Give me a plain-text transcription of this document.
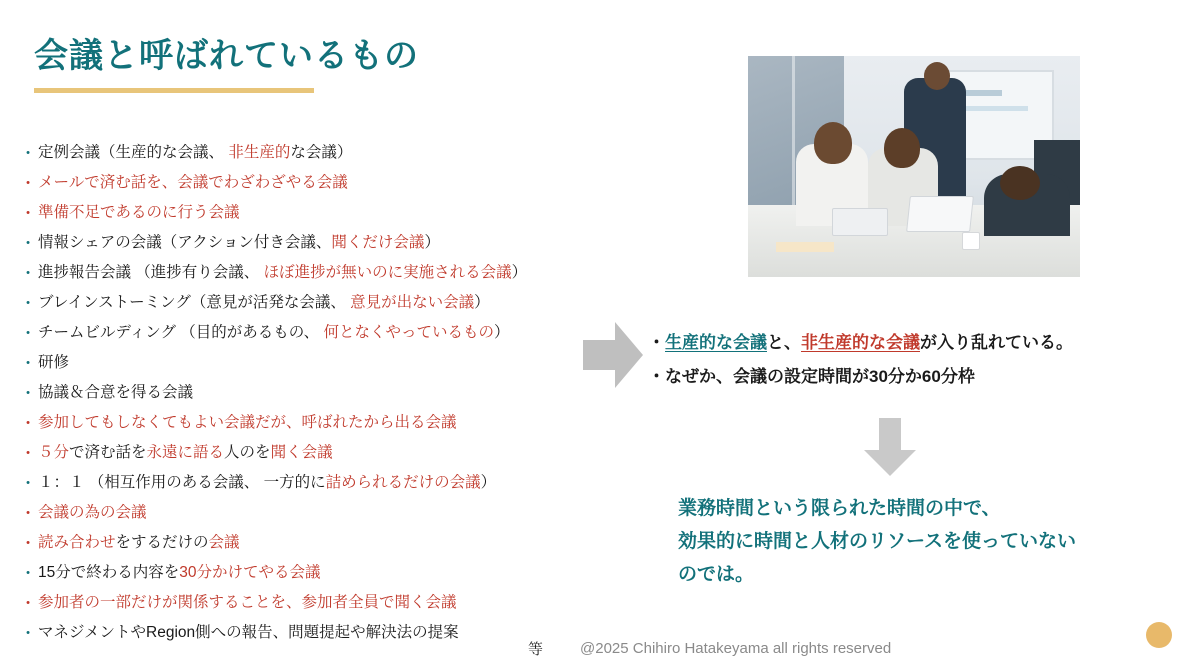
会議と呼ばれているもの
• 定例会議（生産的な会議、 非生産的な会議）
• メールで済む話を、会議でわざわざやる会議
• 準備不足であるのに行う会議
• 情報シェアの会議（アクション付き会議、聞くだけ会議）
• 進捗報告会議 （進捗有り会議、 ほぼ進捗が無いのに実施される会議）
• ブレインストーミング（意見が活発な会議、 意見が出ない会議）
• チームビルディング （目的があるもの、 何となくやっているもの）
• 研修
• 協議＆合意を得る会議
• 参加してもしなくてもよい会議だが、呼ばれたから出る会議
• ５分で済む話を永遠に語る人のを聞く会議
• １：１ （相互作用のある会議、 一方的に詰められるだけの会議）
• 会議の為の会議
• 読み合わせをするだけの会議
• 15分で終わる内容を30分かけてやる会議
• 参加者の一部だけが関係することを、参加者全員で聞く会議
• マネジメントやRegion側への報告、問題提起や解決法の提案
・生産的な会議と、非生産的な会議が入り乱れている。
・なぜか、会議の設定時間が30分か60分枠
業務時間という限られた時間の中で、
効果的に時間と人材のリソースを使っていない
のでは。
等 @2025 Chihiro Hatakeyama all rights reserved
